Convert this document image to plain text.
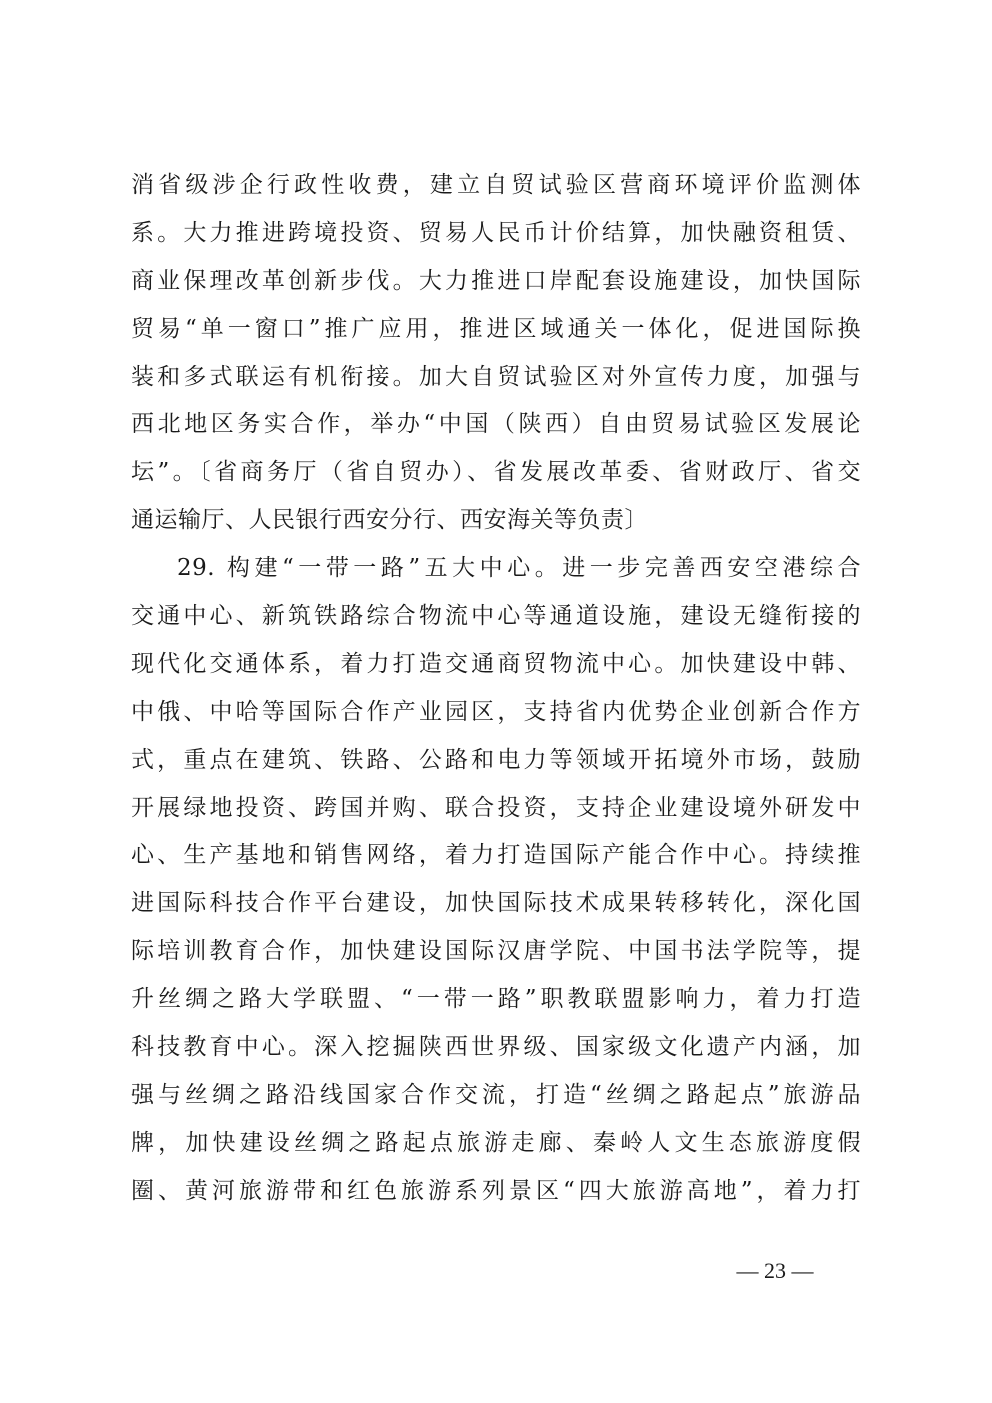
消省级涉企行政性收费，建立自贸试验区营商环境评价监测体
系。大力推进跨境投资、贸易人民币计价结算，加快融资租赁、
商业保理改革创新步伐。大力推进口岸配套设施建设，加快国际
贸易“单一窗口”推广应用，推进区域通关一体化，促进国际换
装和多式联运有机衔接。加大自贸试验区对外宣传力度，加强与
西北地区务实合作，举办“中国（陕西）自由贸易试验区发展论
坛”。〔省商务厅（省自贸办）、省发展改革委、省财政厅、省交
通运输厅、人民银行西安分行、西安海关等负责〕
29. 构建“一带一路”五大中心。进一步完善西安空港综合
交通中心、新筑铁路综合物流中心等通道设施，建设无缝衔接的
现代化交通体系，着力打造交通商贸物流中心。加快建设中韩、
中俄、中哈等国际合作产业园区，支持省内优势企业创新合作方
式，重点在建筑、铁路、公路和电力等领域开拓境外市场，鼓励
开展绿地投资、跨国并购、联合投资，支持企业建设境外研发中
心、生产基地和销售网络，着力打造国际产能合作中心。持续推
进国际科技合作平台建设，加快国际技术成果转移转化，深化国
际培训教育合作，加快建设国际汉唐学院、中国书法学院等，提
升丝绸之路大学联盟、“一带一路”职教联盟影响力，着力打造
科技教育中心。深入挖掘陕西世界级、国家级文化遗产内涵，加
强与丝绸之路沿线国家合作交流，打造“丝绸之路起点”旅游品
牌，加快建设丝绸之路起点旅游走廊、秦岭人文生态旅游度假
圈、黄河旅游带和红色旅游系列景区“四大旅游高地”，着力打
— 23 —
